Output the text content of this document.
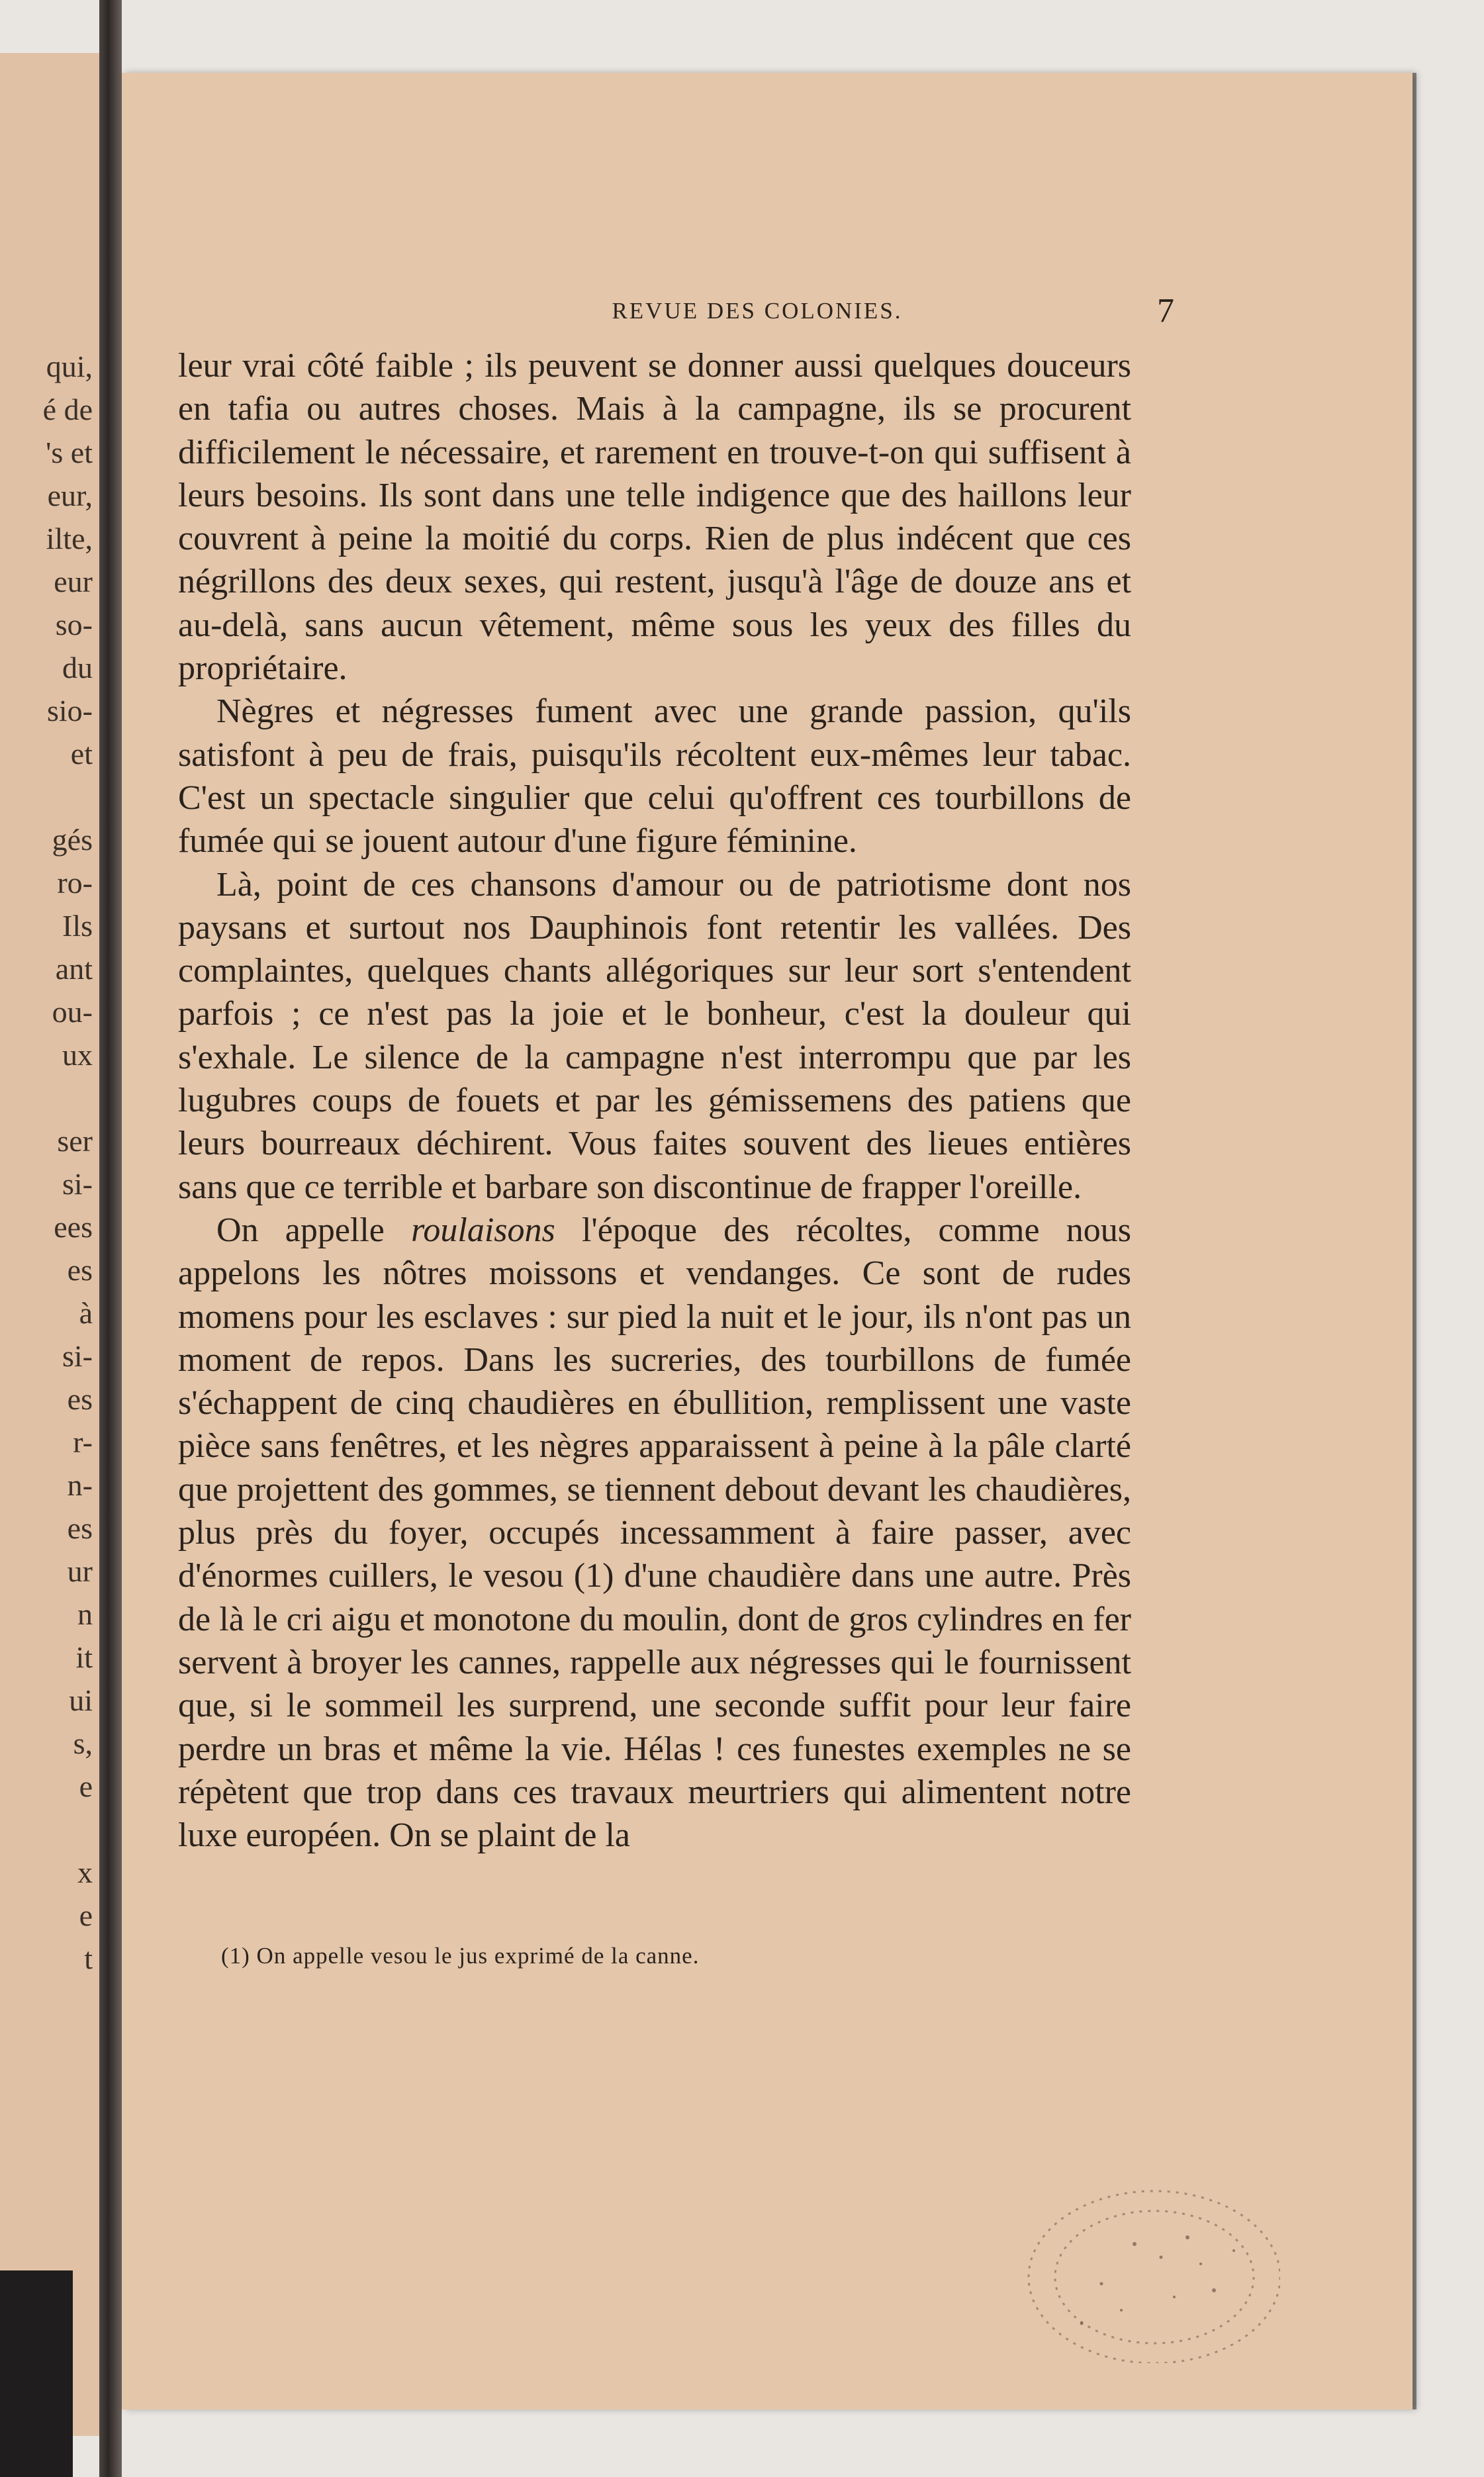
qui,
é de
's et
eur,
ilte,
eur
so-
du
sio-
et
gés
ro-
Ils
ant
ou-
ux
ser
si-
ees
es
à
si-
es
r-
n-
es
ur
n
it
ui
s,
e
x
e
t
REVUE DES COLONIES.	7

leur vrai côté faible ; ils peuvent se donner aussi quelques douceurs en tafia ou autres choses. Mais à la campagne, ils se procurent difficilement le nécessaire, et rarement en trouve-t-on qui suffisent à leurs besoins. Ils sont dans une telle indigence que des haillons leur couvrent à peine la moitié du corps. Rien de plus indécent que ces négrillons des deux sexes, qui restent, jusqu'à l'âge de douze ans et au-delà, sans aucun vêtement, même sous les yeux des filles du propriétaire.

Nègres et négresses fument avec une grande passion, qu'ils satisfont à peu de frais, puisqu'ils récoltent eux-mêmes leur tabac. C'est un spectacle singulier que celui qu'offrent ces tourbillons de fumée qui se jouent autour d'une figure féminine.

Là, point de ces chansons d'amour ou de patriotisme dont nos paysans et surtout nos Dauphinois font retentir les vallées. Des complaintes, quelques chants allégoriques sur leur sort s'entendent parfois ; ce n'est pas la joie et le bonheur, c'est la douleur qui s'exhale. Le silence de la campagne n'est interrompu que par les lugubres coups de fouets et par les gémissemens des patiens que leurs bourreaux déchirent. Vous faites souvent des lieues entières sans que ce terrible et barbare son discontinue de frapper l'oreille.

On appelle roulaisons l'époque des récoltes, comme nous appelons les nôtres moissons et vendanges. Ce sont de rudes momens pour les esclaves : sur pied la nuit et le jour, ils n'ont pas un moment de repos. Dans les sucreries, des tourbillons de fumée s'échappent de cinq chaudières en ébullition, remplissent une vaste pièce sans fenêtres, et les nègres apparaissent à peine à la pâle clarté que projettent des gommes, se tiennent debout devant les chaudières, plus près du foyer, occupés incessamment à faire passer, avec d'énormes cuillers, le vesou (1) d'une chaudière dans une autre. Près de là le cri aigu et monotone du moulin, dont de gros cylindres en fer servent à broyer les cannes, rappelle aux négresses qui le fournissent que, si le sommeil les surprend, une seconde suffit pour leur faire perdre un bras et même la vie. Hélas ! ces funestes exemples ne se répètent que trop dans ces travaux meurtriers qui alimentent notre luxe européen. On se plaint de la

(1) On appelle vesou le jus exprimé de la canne.
